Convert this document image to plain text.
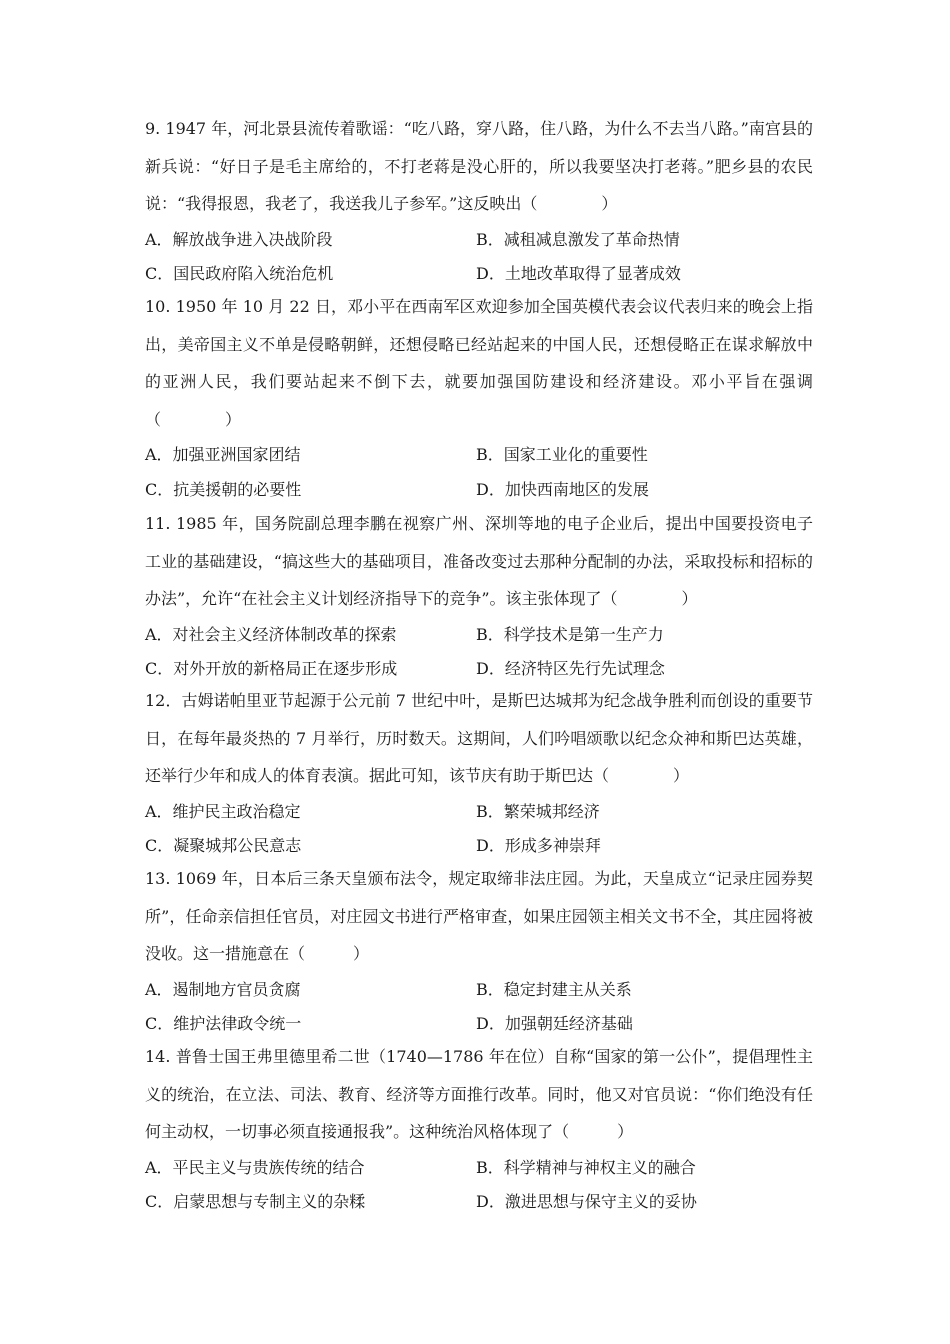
9. 1947 年，河北景县流传着歌谣：“吃八路，穿八路，住八路，为什么不去当八路。”南宫县的新兵说：“好日子是毛主席给的，不打老蒋是没心肝的，所以我要坚决打老蒋。”肥乡县的农民说：“我得报恩，我老了，我送我儿子参军。”这反映出（　　　　）

A．解放战争进入决战阶段	B．减租减息激发了革命热情
C．国民政府陷入统治危机	D．土地改革取得了显著成效

10. 1950 年 10 月 22 日，邓小平在西南军区欢迎参加全国英模代表会议代表归来的晚会上指出，美帝国主义不单是侵略朝鲜，还想侵略已经站起来的中国人民，还想侵略正在谋求解放中的亚洲人民，我们要站起来不倒下去，就要加强国防建设和经济建设。邓小平旨在强调（　　　　）

A．加强亚洲国家团结	B．国家工业化的重要性
C．抗美援朝的必要性	D．加快西南地区的发展

11. 1985 年，国务院副总理李鹏在视察广州、深圳等地的电子企业后，提出中国要投资电子工业的基础建设，“搞这些大的基础项目，准备改变过去那种分配制的办法，采取投标和招标的办法”，允许“在社会主义计划经济指导下的竞争”。该主张体现了（　　　　）

A．对社会主义经济体制改革的探索	B．科学技术是第一生产力
C．对外开放的新格局正在逐步形成	D．经济特区先行先试理念

12．古姆诺帕里亚节起源于公元前 7 世纪中叶，是斯巴达城邦为纪念战争胜利而创设的重要节日，在每年最炎热的 7 月举行，历时数天。这期间，人们吟唱颂歌以纪念众神和斯巴达英雄，还举行少年和成人的体育表演。据此可知，该节庆有助于斯巴达（　　　　）

A．维护民主政治稳定	B．繁荣城邦经济
C．凝聚城邦公民意志	D．形成多神崇拜

13. 1069 年，日本后三条天皇颁布法令，规定取缔非法庄园。为此，天皇成立“记录庄园券契所”，任命亲信担任官员，对庄园文书进行严格审查，如果庄园领主相关文书不全，其庄园将被没收。这一措施意在（　　　）

A．遏制地方官员贪腐	B．稳定封建主从关系
C．维护法律政令统一	D．加强朝廷经济基础

14. 普鲁士国王弗里德里希二世（1740—1786 年在位）自称“国家的第一公仆”，提倡理性主义的统治，在立法、司法、教育、经济等方面推行改革。同时，他又对官员说：“你们绝没有任何主动权，一切事必须直接通报我”。这种统治风格体现了（　　　）

A．平民主义与贵族传统的结合	B．科学精神与神权主义的融合
C．启蒙思想与专制主义的杂糅	D．激进思想与保守主义的妥协
